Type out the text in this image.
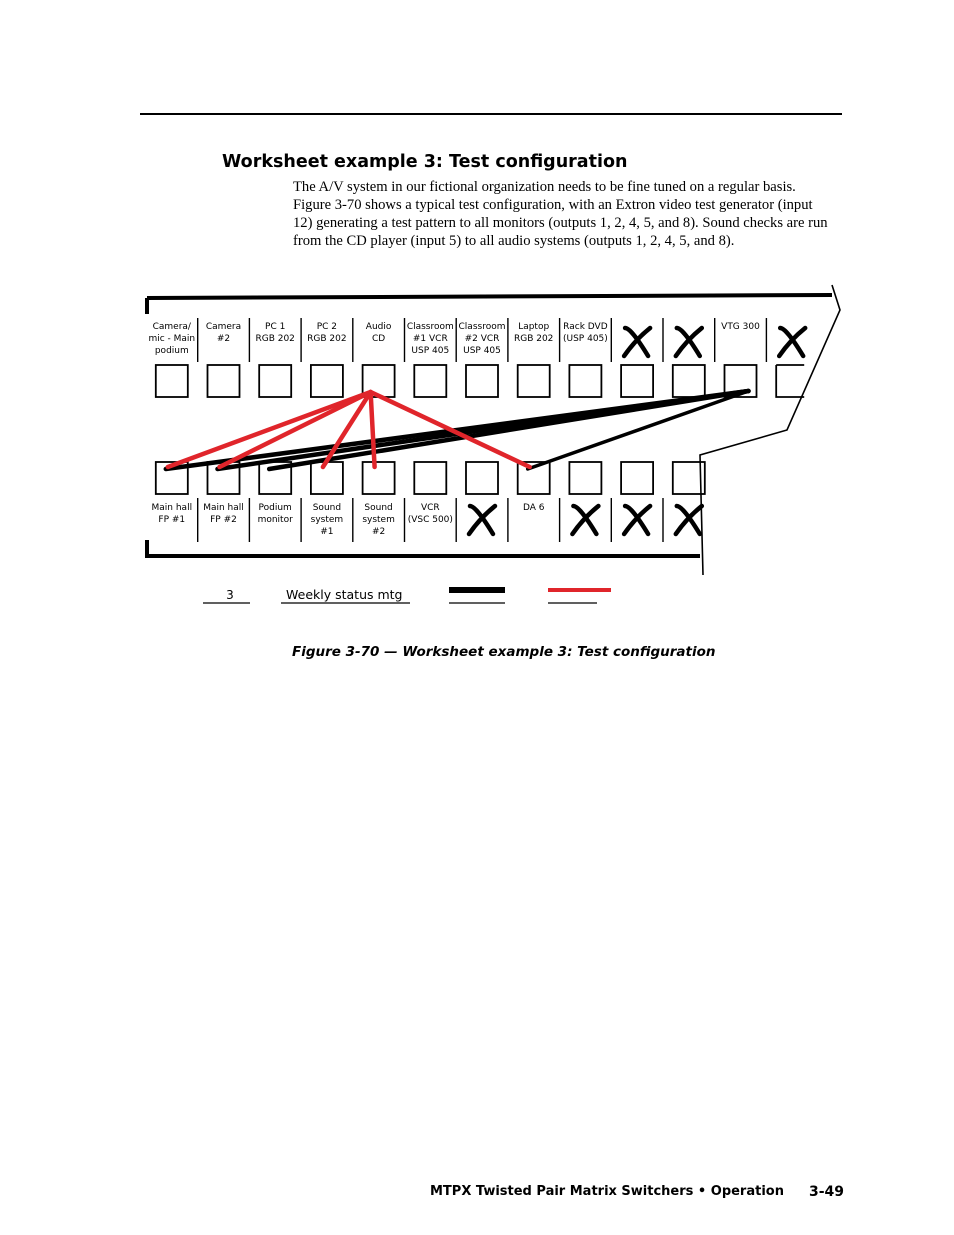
Worksheet example 3: Test configuration
The A/V system in our fictional organization needs to be fine tuned on a regular basis. Figure 3-70 shows a typical test configuration, with an Extron video test generator (input 12) generating a test pattern to all monitors (outputs 1, 2, 4, 5, and 8). Sound checks are run from the CD player (input 5) to all audio systems (outputs 1, 2, 4, 5, and 8).
Camera/
mic - Main
podium
Camera
#2
PC 1
RGB 202
PC 2
RGB 202
Audio
CD
Classroom
#1 VCR
USP 405
Classroom
#2 VCR
USP 405
Laptop
RGB 202
Rack DVD
(USP 405)
VTG 300
Main hall
FP #1
Main hall
FP #2
Podium
monitor
Sound
system
#1
Sound
system
#2
VCR
(VSC 500)
DA 6
3	Weekly status mtg
Figure 3-70 — Worksheet example 3: Test configuration
MTPX Twisted Pair Matrix Switchers • Operation 3-49
